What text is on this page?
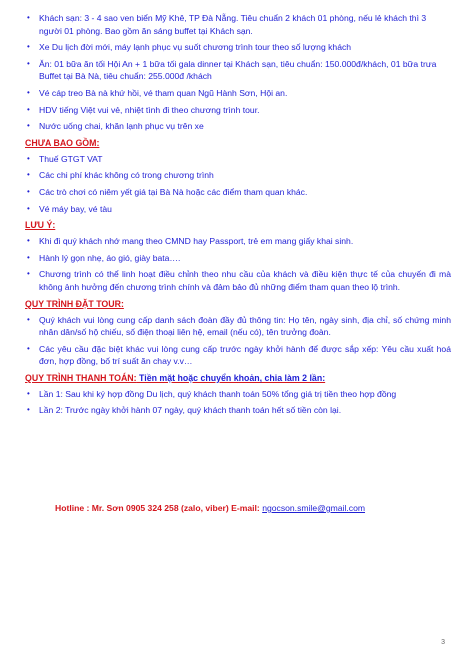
• Khách sạn: 3 - 4 sao ven biển Mỹ Khê, TP Đà Nẵng. Tiêu chuẩn 2 khách 01 phòng, nếu lẻ khách thì 3 người 01 phòng. Bao gồm ăn sáng buffet tại Khách sạn.
• Xe Du lịch đời mới, máy lạnh phục vụ suốt chương trình tour theo số lượng khách
• Ăn: 01 bữa ăn tối Hội An + 1 bữa tối gala dinner tại Khách sạn, tiêu chuẩn: 150.000đ/khách, 01 bữa trưa Buffet tại Bà Nà, tiêu chuẩn: 255.000đ /khách
• Vé cáp treo Bà nà khứ hồi, vé tham quan Ngũ Hành Sơn, Hội an.
• HDV tiếng Việt vui vẻ, nhiệt tình đi theo chương trình tour.
• Nước uống chai, khăn lạnh phục vụ trên xe
CHƯA BAO GỒM:
• Thuế GTGT VAT
• Các chi phí khác không có trong chương trình
• Các trò chơi có niêm yết giá tại Bà Nà hoặc các điểm tham quan khác.
• Vé máy bay, vé tàu
LƯU Ý:
• Khi đi quý khách nhớ mang theo CMND hay Passport, trẻ em mang giấy khai sinh.
• Hành lý gọn nhẹ, áo gió, giày bata….
• Chương trình có thể linh hoạt điều chỉnh theo nhu cầu của khách và điều kiện thực tế của chuyến đi mà không ảnh hưởng đến chương trình chính và đảm bảo đủ những điểm tham quan theo lộ trình.
QUY TRÌNH ĐẶT TOUR:
• Quý khách vui lòng cung cấp danh sách đoàn đầy đủ thông tin: Họ tên, ngày sinh, địa chỉ, số chứng minh nhân dân/số hộ chiếu, số điện thoại liên hệ, email (nếu có), tên trưởng đoàn.
• Các yêu cầu đặc biệt khác vui lòng cung cấp trước ngày khởi hành để được sắp xếp: Yêu cầu xuất hoá đơn, hợp đồng, bố trí suất ăn chay v.v…
QUY TRÌNH THANH TOÁN: Tiền mặt hoặc chuyển khoản, chia làm 2 lần:
• Lần 1: Sau khi ký hợp đồng Du lịch, quý khách thanh toán 50% tổng giá trị tiền theo hợp đồng
• Lần 2: Trước ngày khởi hành 07 ngày, quý khách thanh toán hết số tiền còn lại.
Hotline : Mr. Sơn 0905 324 258 (zalo, viber) E-mail: ngocson.smile@gmail.com
3
